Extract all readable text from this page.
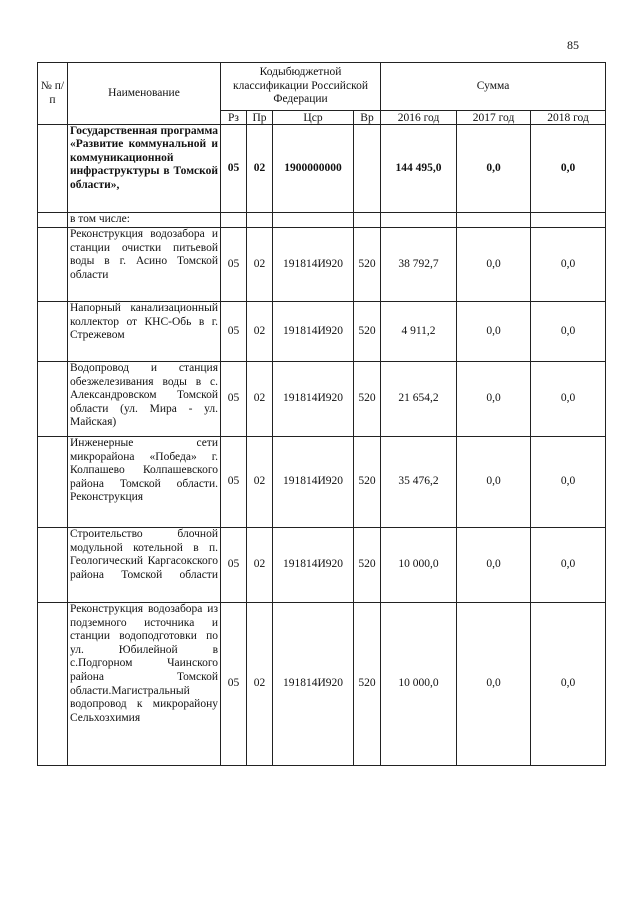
85
№ п/п	Наименование	Кодыбюджетной классификации Российской Федерации				Сумма		
		Рз	Пр	Цср	Вр	2016 год	2017 год	2018 год
	Государственная программа «Развитие коммунальной и коммуникационной инфраструктуры в Томской области»,	05	02	1900000000		144 495,0	0,0	0,0
	в том числе:							
	Реконструкция водозабора и станции очистки питьевой воды в г. Асино Томской области	05	02	191814И920	520	38 792,7	0,0	0,0
	Напорный канализационный коллектор от КНС-Обь в г. Стрежевом	05	02	191814И920	520	4 911,2	0,0	0,0
	Водопровод и станция обезжелезивания воды в с. Александровском Томской области (ул. Мира - ул. Майская)	05	02	191814И920	520	21 654,2	0,0	0,0
	Инженерные сети микрорайона «Победа» г. Колпашево Колпашевского района Томской области. Реконструкция	05	02	191814И920	520	35 476,2	0,0	0,0
	Строительство блочной модульной котельной в п. Геологический Каргасокского района Томской области	05	02	191814И920	520	10 000,0	0,0	0,0
	Реконструкция водозабора из подземного источника и станции водоподготовки по ул. Юбилейной в с.Подгорном Чаинского района Томской области.Магистральный водопровод к микрорайону Сельхозхимия	05	02	191814И920	520	10 000,0	0,0	0,0
